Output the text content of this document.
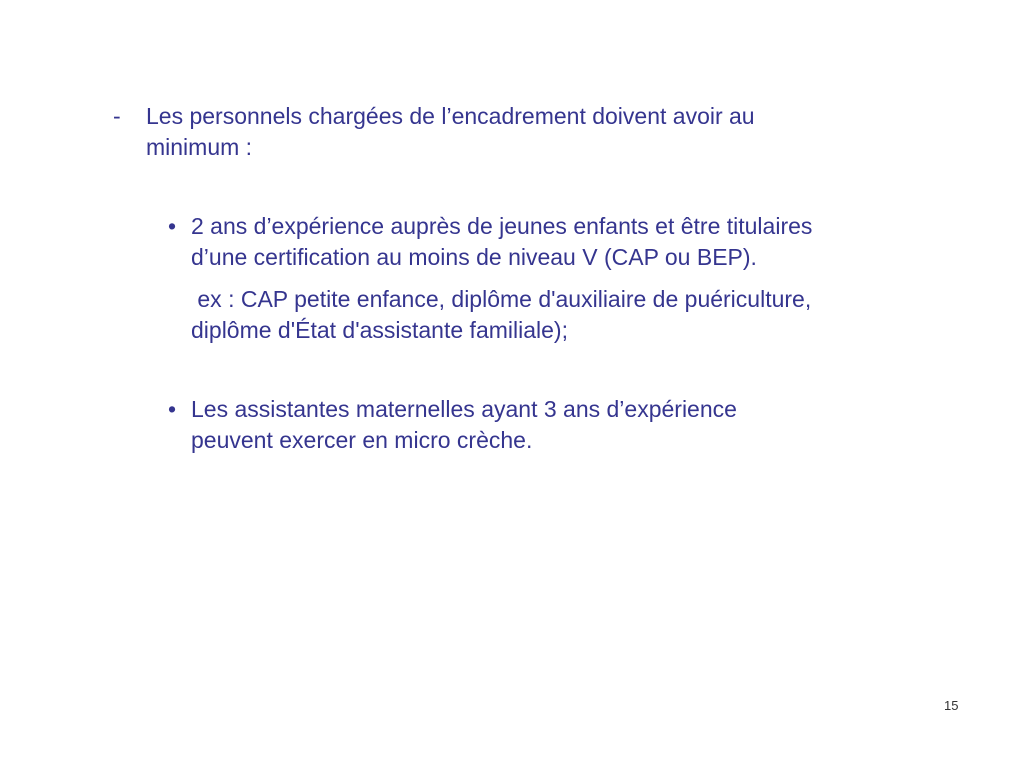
- Les personnels chargées de l’encadrement doivent avoir au
minimum :
• 2 ans d’expérience auprès de jeunes enfants et être titulaires
d’une certification au moins de niveau V (CAP ou BEP).
ex : CAP petite enfance, diplôme d'auxiliaire de puériculture,
diplôme d'État d'assistante familiale);
• Les assistantes maternelles ayant 3 ans d’expérience
peuvent exercer en micro crèche.
15
